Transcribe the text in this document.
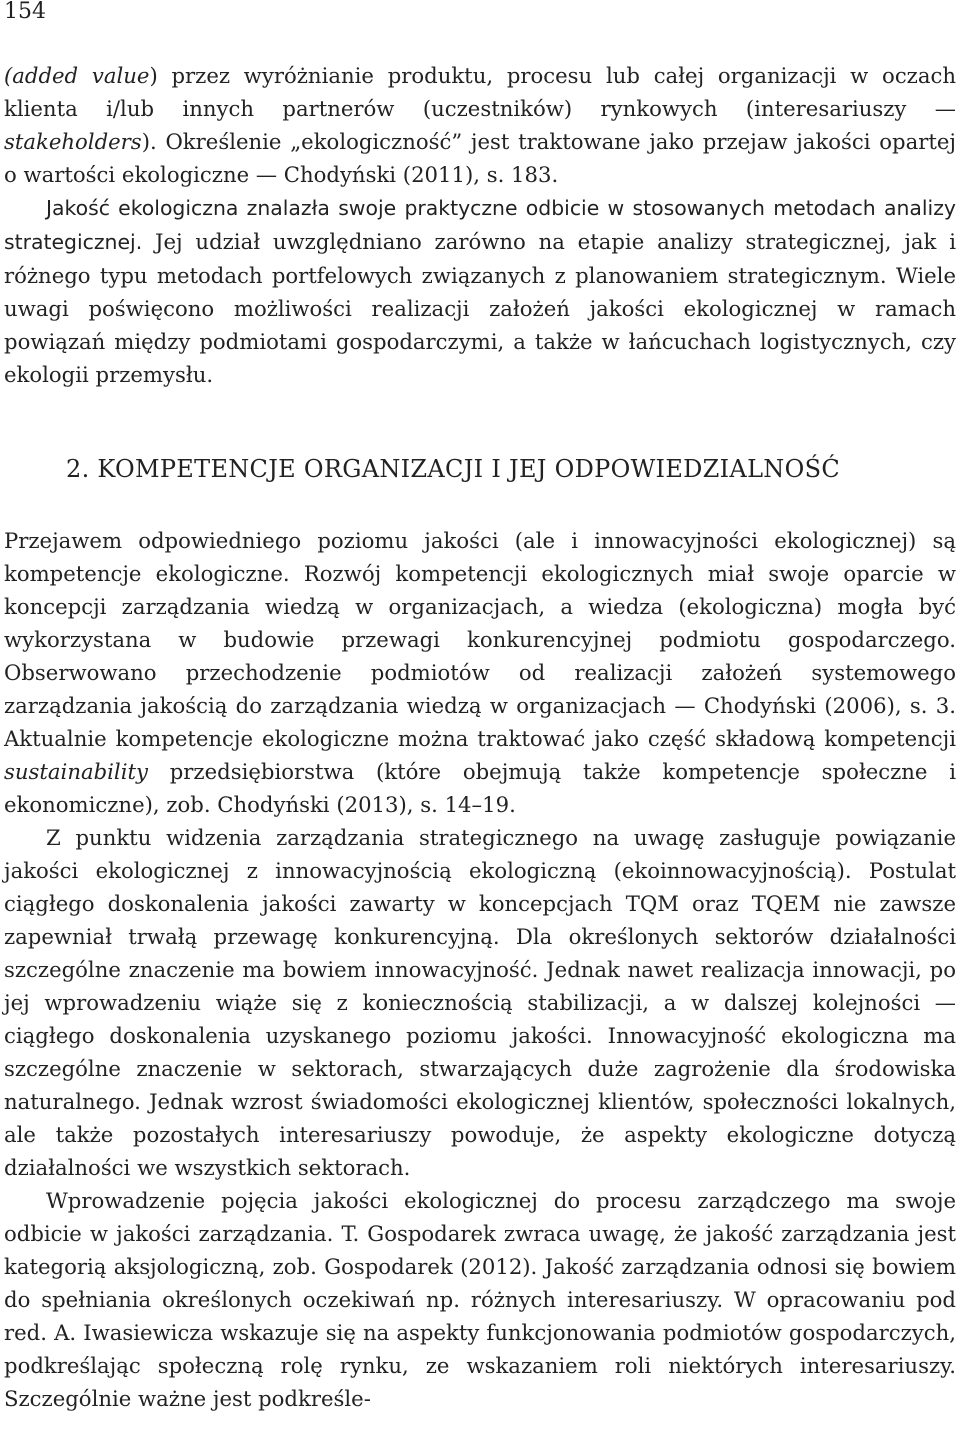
154

(added value) przez wyróżnianie produktu, procesu lub całej organizacji w oczach klienta i/lub innych partnerów (uczestników) rynkowych (interesariuszy — stakeholders). Określenie „ekologiczność” jest traktowane jako przejaw jakości opartej o wartości ekologiczne — Chodyński (2011), s. 183.

Jakość ekologiczna znalazła swoje praktyczne odbicie w stosowanych metodach analizy strategicznej. Jej udział uwzględniano zarówno na etapie analizy strategicznej, jak i różnego typu metodach portfelowych związanych z planowaniem strategicznym. Wiele uwagi poświęcono możliwości realizacji założeń jakości ekologicznej w ramach powiązań między podmiotami gospodarczymi, a także w łańcuchach logistycznych, czy ekologii przemysłu.

2. KOMPETENCJE ORGANIZACJI I JEJ ODPOWIEDZIALNOŚĆ

Przejawem odpowiedniego poziomu jakości (ale i innowacyjności ekologicznej) są kompetencje ekologiczne. Rozwój kompetencji ekologicznych miał swoje oparcie w koncepcji zarządzania wiedzą w organizacjach, a wiedza (ekologiczna) mogła być wykorzystana w budowie przewagi konkurencyjnej podmiotu gospodarczego. Obserwowano przechodzenie podmiotów od realizacji założeń systemowego zarządzania jakością do zarządzania wiedzą w organizacjach — Chodyński (2006), s. 3. Aktualnie kompetencje ekologiczne można traktować jako część składową kompetencji sustainability przedsiębiorstwa (które obejmują także kompetencje społeczne i ekonomiczne), zob. Chodyński (2013), s. 14–19.

Z punktu widzenia zarządzania strategicznego na uwagę zasługuje powiązanie jakości ekologicznej z innowacyjnością ekologiczną (ekoinnowacyjnością). Postulat ciągłego doskonalenia jakości zawarty w koncepcjach TQM oraz TQEM nie zawsze zapewniał trwałą przewagę konkurencyjną. Dla określonych sektorów działalności szczególne znaczenie ma bowiem innowacyjność. Jednak nawet realizacja innowacji, po jej wprowadzeniu wiąże się z koniecznością stabilizacji, a w dalszej kolejności — ciągłego doskonalenia uzyskanego poziomu jakości. Innowacyjność ekologiczna ma szczególne znaczenie w sektorach, stwarzających duże zagrożenie dla środowiska naturalnego. Jednak wzrost świadomości ekologicznej klientów, społeczności lokalnych, ale także pozostałych interesariuszy powoduje, że aspekty ekologiczne dotyczą działalności we wszystkich sektorach.

Wprowadzenie pojęcia jakości ekologicznej do procesu zarządczego ma swoje odbicie w jakości zarządzania. T. Gospodarek zwraca uwagę, że jakość zarządzania jest kategorią aksjologiczną, zob. Gospodarek (2012). Jakość zarządzania odnosi się bowiem do spełniania określonych oczekiwań np. różnych interesariuszy. W opracowaniu pod red. A. Iwasiewicza wskazuje się na aspekty funkcjonowania podmiotów gospodarczych, podkreślając społeczną rolę rynku, ze wskazaniem roli niektórych interesariuszy. Szczególnie ważne jest podkreśle-
